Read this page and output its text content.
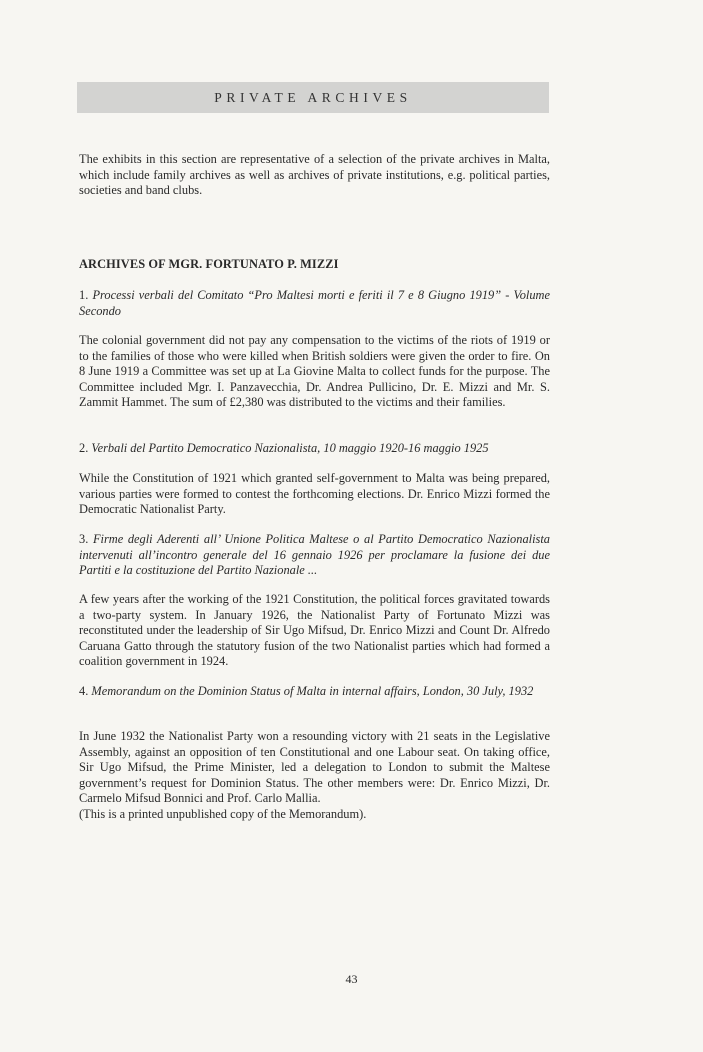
PRIVATE ARCHIVES
The exhibits in this section are representative of a selection of the private archives in Malta, which include family archives as well as archives of private institutions, e.g. political parties, societies and band clubs.
ARCHIVES OF MGR. FORTUNATO P. MIZZI
1. Processi verbali del Comitato “Pro Maltesi morti e feriti il 7 e 8 Giugno 1919” - Volume Secondo
The colonial government did not pay any compensation to the victims of the riots of 1919 or to the families of those who were killed when British soldiers were given the order to fire. On 8 June 1919 a Committee was set up at La Giovine Malta to collect funds for the purpose. The Committee included Mgr. I. Panzavecchia, Dr. Andrea Pullicino, Dr. E. Mizzi and Mr. S. Zammit Hammet. The sum of £2,380 was distributed to the victims and their families.
2. Verbali del Partito Democratico Nazionalista, 10 maggio 1920-16 maggio 1925
While the Constitution of 1921 which granted self-government to Malta was being prepared, various parties were formed to contest the forthcoming elections. Dr. Enrico Mizzi formed the Democratic Nationalist Party.
3. Firme degli Aderenti all’ Unione Politica Maltese o al Partito Democratico Nazionalista intervenuti all’incontro generale del 16 gennaio 1926 per proclamare la fusione dei due Partiti e la costituzione del Partito Nazionale ...
A few years after the working of the 1921 Constitution, the political forces gravitated towards a two-party system. In January 1926, the Nationalist Party of Fortunato Mizzi was reconstituted under the leadership of Sir Ugo Mifsud, Dr. Enrico Mizzi and Count Dr. Alfredo Caruana Gatto through the statutory fusion of the two Nationalist parties which had formed a coalition government in 1924.
4. Memorandum on the Dominion Status of Malta in internal affairs, London, 30 July, 1932
In June 1932 the Nationalist Party won a resounding victory with 21 seats in the Legislative Assembly, against an opposition of ten Constitutional and one Labour seat. On taking office, Sir Ugo Mifsud, the Prime Minister, led a delegation to London to submit the Maltese government’s request for Dominion Status. The other members were: Dr. Enrico Mizzi, Dr. Carmelo Mifsud Bonnici and Prof. Carlo Mallia.
(This is a printed unpublished copy of the Memorandum).
43
